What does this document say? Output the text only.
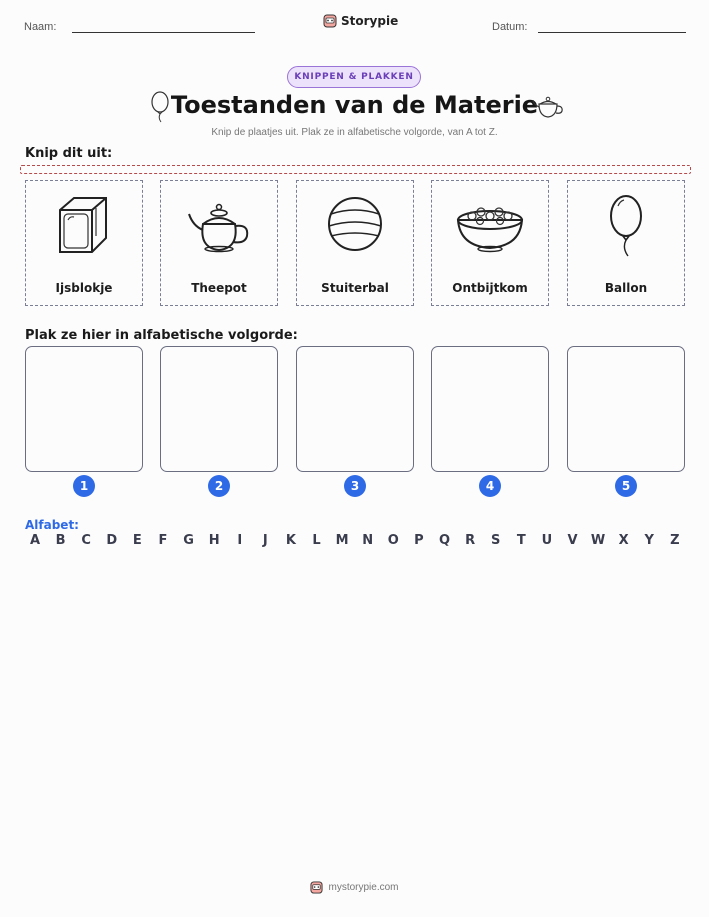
Naam:	Storypie	Datum:
KNIPPEN & PLAKKEN
Toestanden van de Materie
Knip de plaatjes uit. Plak ze in alfabetische volgorde, van A tot Z.
Knip dit uit:
Ijsblokje	Theepot	Stuiterbal	Ontbijtkom	Ballon
Plak ze hier in alfabetische volgorde:
1	2	3	4	5
Alfabet:
A	B	C	D	E	F	G	H	I	J	K	L	M	N	O	P	Q	R	S	T	U	V	W	X	Y	Z
mystorypie.com
